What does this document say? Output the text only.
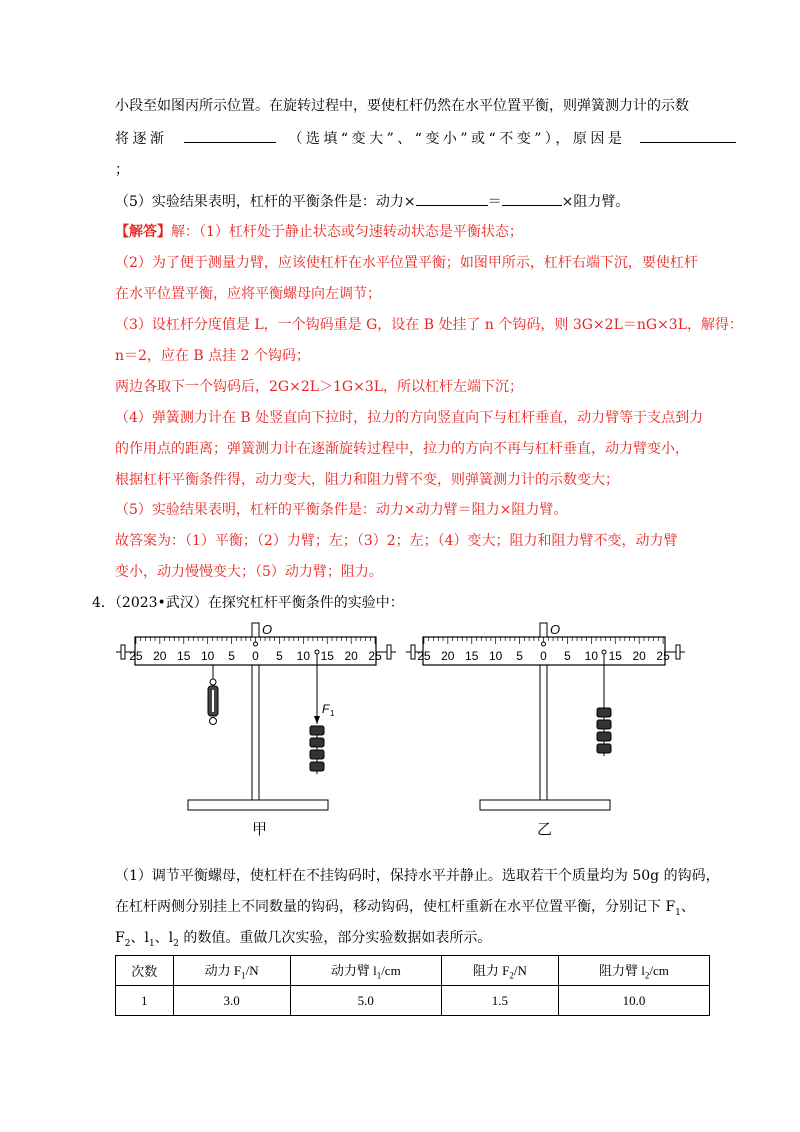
小段至如图丙所示位置。在旋转过程中，要使杠杆仍然在水平位置平衡，则弹簧测力计的示数
将逐渐	（选填“变大”、“变小”或“不变”），原因是
；
（5）实验结果表明，杠杆的平衡条件是：动力×	＝	×阻力臂。
【解答】解：（1）杠杆处于静止状态或匀速转动状态是平衡状态；
（2）为了便于测量力臂，应该使杠杆在水平位置平衡；如图甲所示，杠杆右端下沉，要使杠杆
在水平位置平衡，应将平衡螺母向左调节；
（3）设杠杆分度值是 L，一个钩码重是 G，设在 B 处挂了 n 个钩码，则 3G×2L＝nG×3L，解得：
n＝2，应在 B 点挂 2 个钩码；
两边各取下一个钩码后，2G×2L＞1G×3L，所以杠杆左端下沉；
（4）弹簧测力计在 B 处竖直向下拉时，拉力的方向竖直向下与杠杆垂直，动力臂等于支点到力
的作用点的距离；弹簧测力计在逐渐旋转过程中，拉力的方向不再与杠杆垂直，动力臂变小，
根据杠杆平衡条件得，动力变大，阻力和阻力臂不变，则弹簧测力计的示数变大；
（5）实验结果表明，杠杆的平衡条件是：动力×动力臂＝阻力×阻力臂。
故答案为：（1）平衡；（2）力臂；左；（3）2；左；（4）变大；阻力和阻力臂不变，动力臂
变小，动力慢慢变大；（5）动力臂；阻力。
4．（2023•武汉）在探究杠杆平衡条件的实验中：
O
25 20 15 10 5 0 5 10 15 20 25
F 1
甲
O
25 20 15 10 5 0 5 10 15 20 25
乙
（1）调节平衡螺母，使杠杆在不挂钩码时，保持水平并静止。选取若干个质量均为 50g 的钩码，
在杠杆两侧分别挂上不同数量的钩码，移动钩码，使杠杆重新在水平位置平衡，分别记下 $F_1$、
$F_2$、$l_1$、$l_2$ 的数值。重做几次实验，部分实验数据如表所示。
次数	动力 $F_1/N$	动力臂 $l_1/cm$	阻力 $F_2/N$	阻力臂 $l_2/cm$
1	3.0	5.0	1.5	10.0
